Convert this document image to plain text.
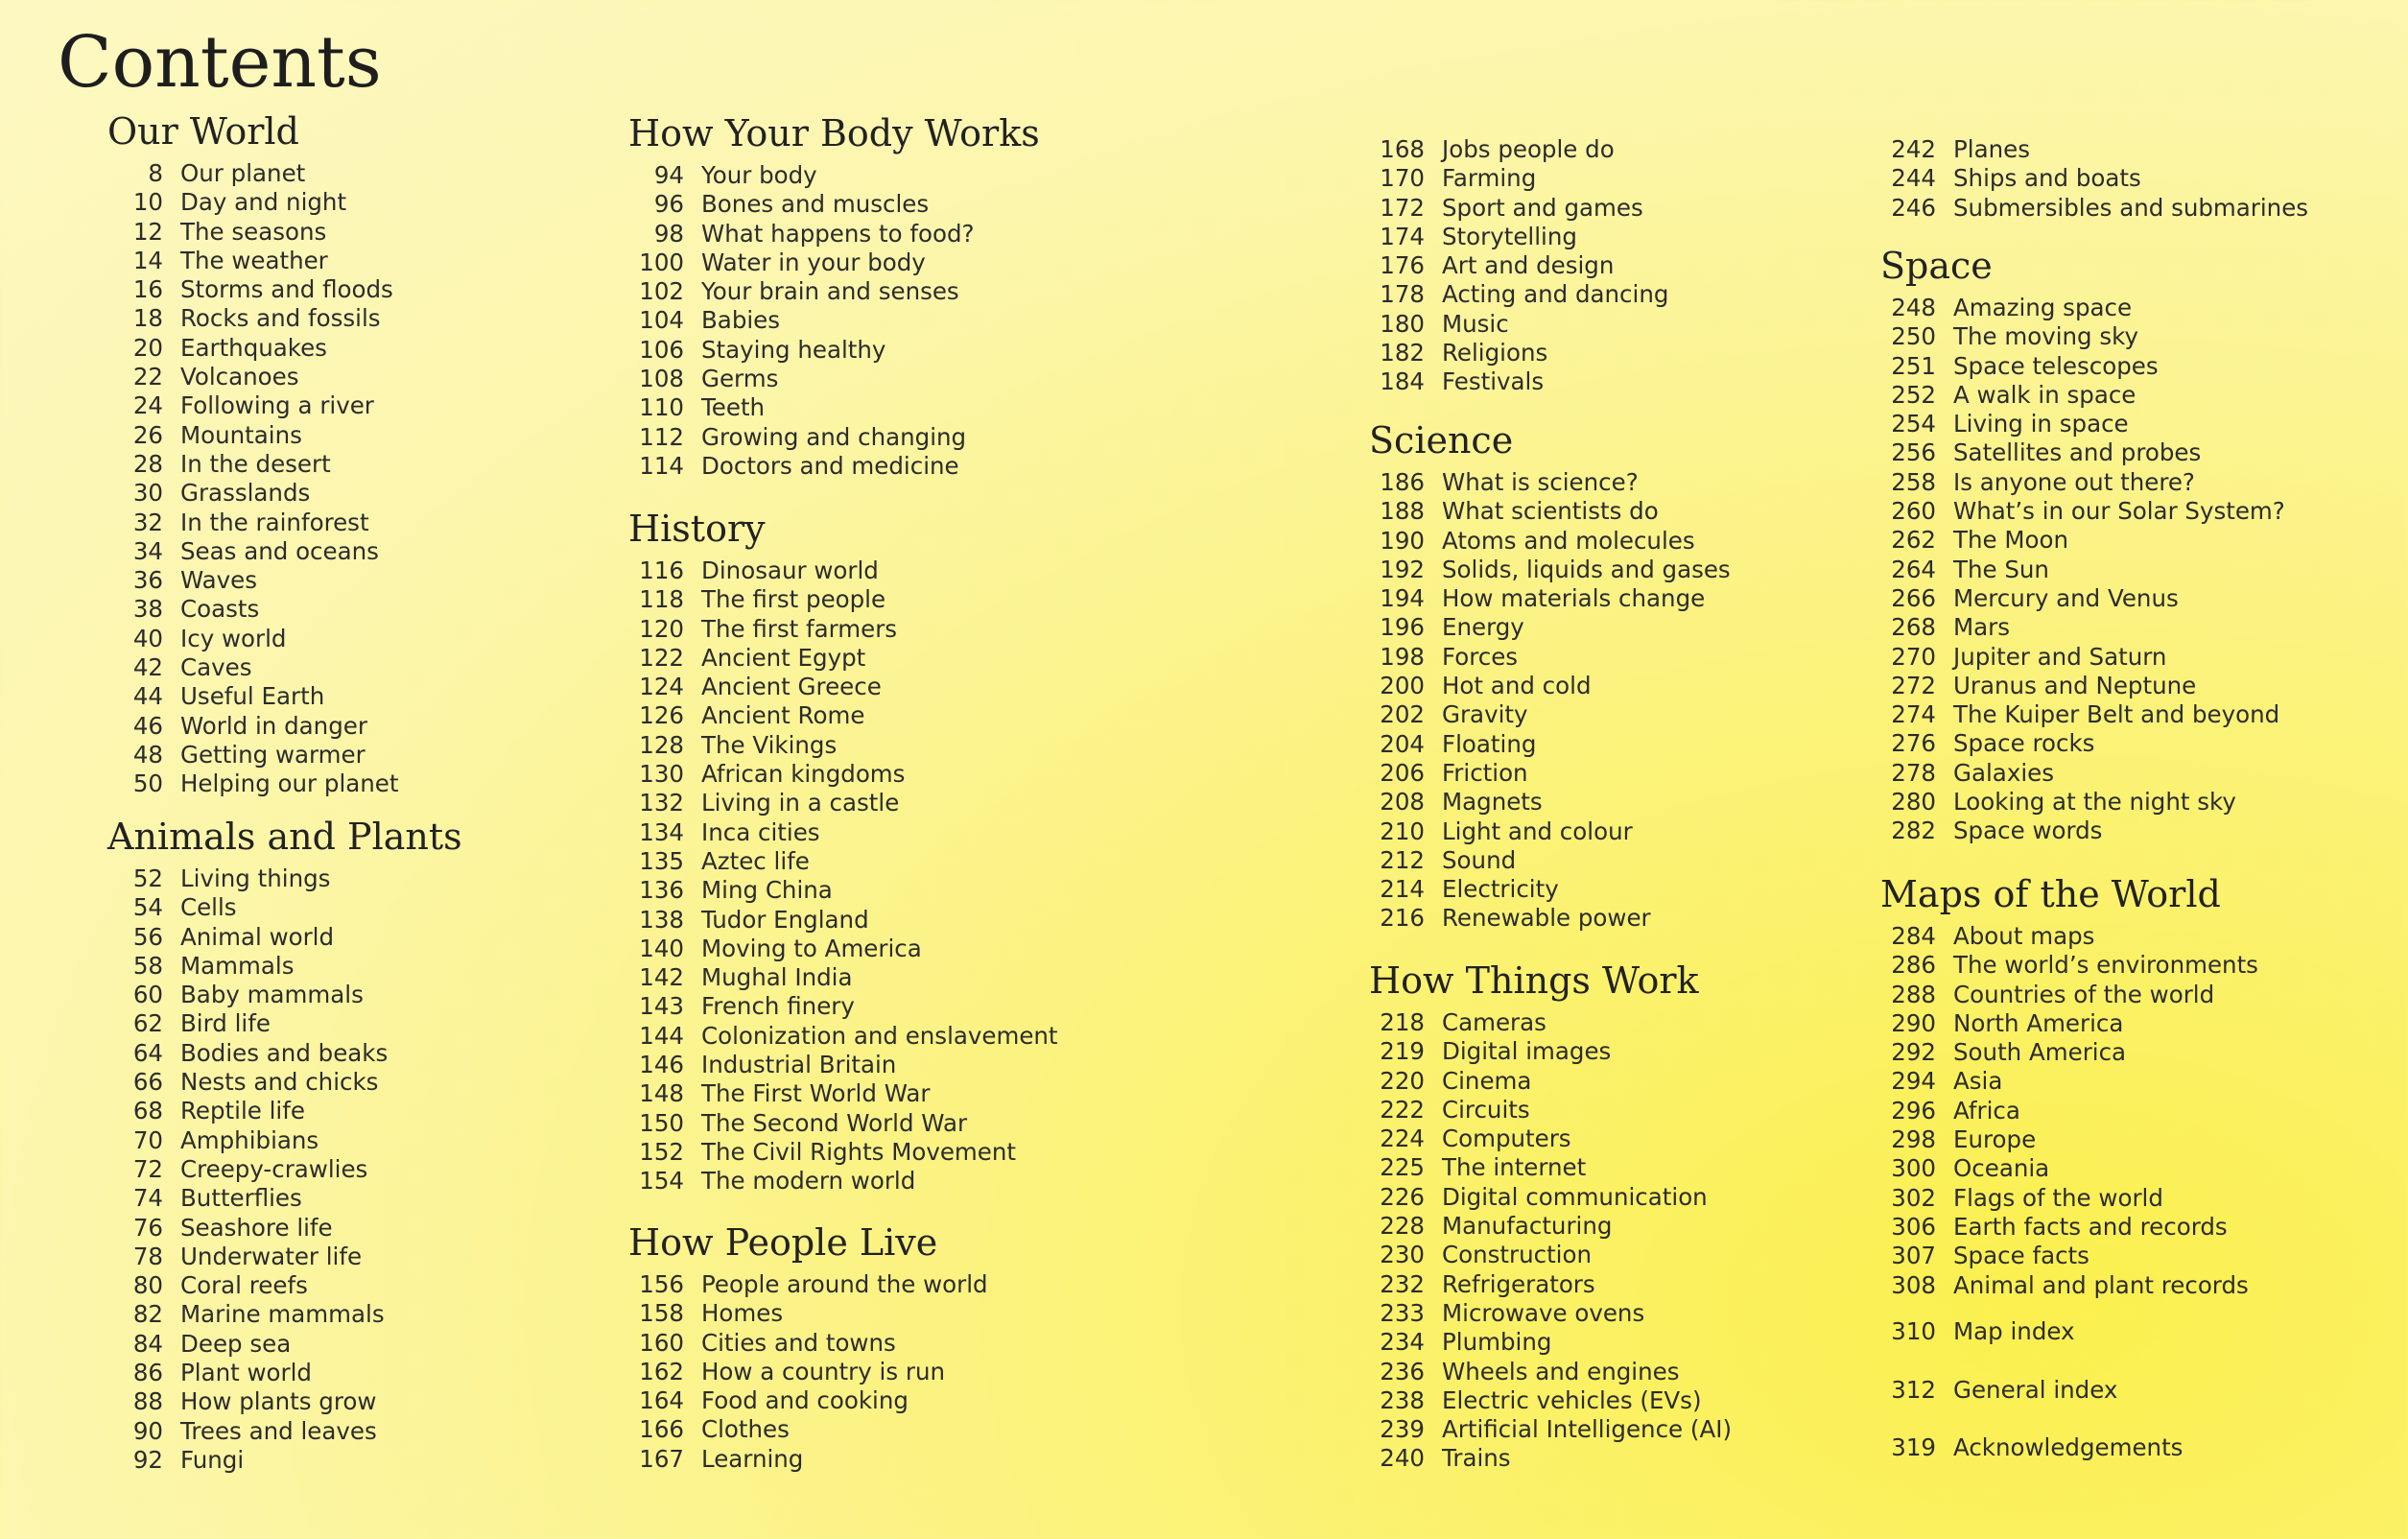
Contents
Our World
8 Our planet
10 Day and night
12 The seasons
14 The weather
16 Storms and floods
18 Rocks and fossils
20 Earthquakes
22 Volcanoes
24 Following a river
26 Mountains
28 In the desert
30 Grasslands
32 In the rainforest
34 Seas and oceans
36 Waves
38 Coasts
40 Icy world
42 Caves
44 Useful Earth
46 World in danger
48 Getting warmer
50 Helping our planet
Animals and Plants
52 Living things
54 Cells
56 Animal world
58 Mammals
60 Baby mammals
62 Bird life
64 Bodies and beaks
66 Nests and chicks
68 Reptile life
70 Amphibians
72 Creepy-crawlies
74 Butterflies
76 Seashore life
78 Underwater life
80 Coral reefs
82 Marine mammals
84 Deep sea
86 Plant world
88 How plants grow
90 Trees and leaves
92 Fungi
How Your Body Works
94 Your body
96 Bones and muscles
98 What happens to food?
100 Water in your body
102 Your brain and senses
104 Babies
106 Staying healthy
108 Germs
110 Teeth
112 Growing and changing
114 Doctors and medicine
History
116 Dinosaur world
118 The first people
120 The first farmers
122 Ancient Egypt
124 Ancient Greece
126 Ancient Rome
128 The Vikings
130 African kingdoms
132 Living in a castle
134 Inca cities
135 Aztec life
136 Ming China
138 Tudor England
140 Moving to America
142 Mughal India
143 French finery
144 Colonization and enslavement
146 Industrial Britain
148 The First World War
150 The Second World War
152 The Civil Rights Movement
154 The modern world
How People Live
156 People around the world
158 Homes
160 Cities and towns
162 How a country is run
164 Food and cooking
166 Clothes
167 Learning
168 Jobs people do
170 Farming
172 Sport and games
174 Storytelling
176 Art and design
178 Acting and dancing
180 Music
182 Religions
184 Festivals
Science
186 What is science?
188 What scientists do
190 Atoms and molecules
192 Solids, liquids and gases
194 How materials change
196 Energy
198 Forces
200 Hot and cold
202 Gravity
204 Floating
206 Friction
208 Magnets
210 Light and colour
212 Sound
214 Electricity
216 Renewable power
How Things Work
218 Cameras
219 Digital images
220 Cinema
222 Circuits
224 Computers
225 The internet
226 Digital communication
228 Manufacturing
230 Construction
232 Refrigerators
233 Microwave ovens
234 Plumbing
236 Wheels and engines
238 Electric vehicles (EVs)
239 Artificial Intelligence (AI)
240 Trains
242 Planes
244 Ships and boats
246 Submersibles and submarines
Space
248 Amazing space
250 The moving sky
251 Space telescopes
252 A walk in space
254 Living in space
256 Satellites and probes
258 Is anyone out there?
260 What’s in our Solar System?
262 The Moon
264 The Sun
266 Mercury and Venus
268 Mars
270 Jupiter and Saturn
272 Uranus and Neptune
274 The Kuiper Belt and beyond
276 Space rocks
278 Galaxies
280 Looking at the night sky
282 Space words
Maps of the World
284 About maps
286 The world’s environments
288 Countries of the world
290 North America
292 South America
294 Asia
296 Africa
298 Europe
300 Oceania
302 Flags of the world
306 Earth facts and records
307 Space facts
308 Animal and plant records
310 Map index
312 General index
319 Acknowledgements
